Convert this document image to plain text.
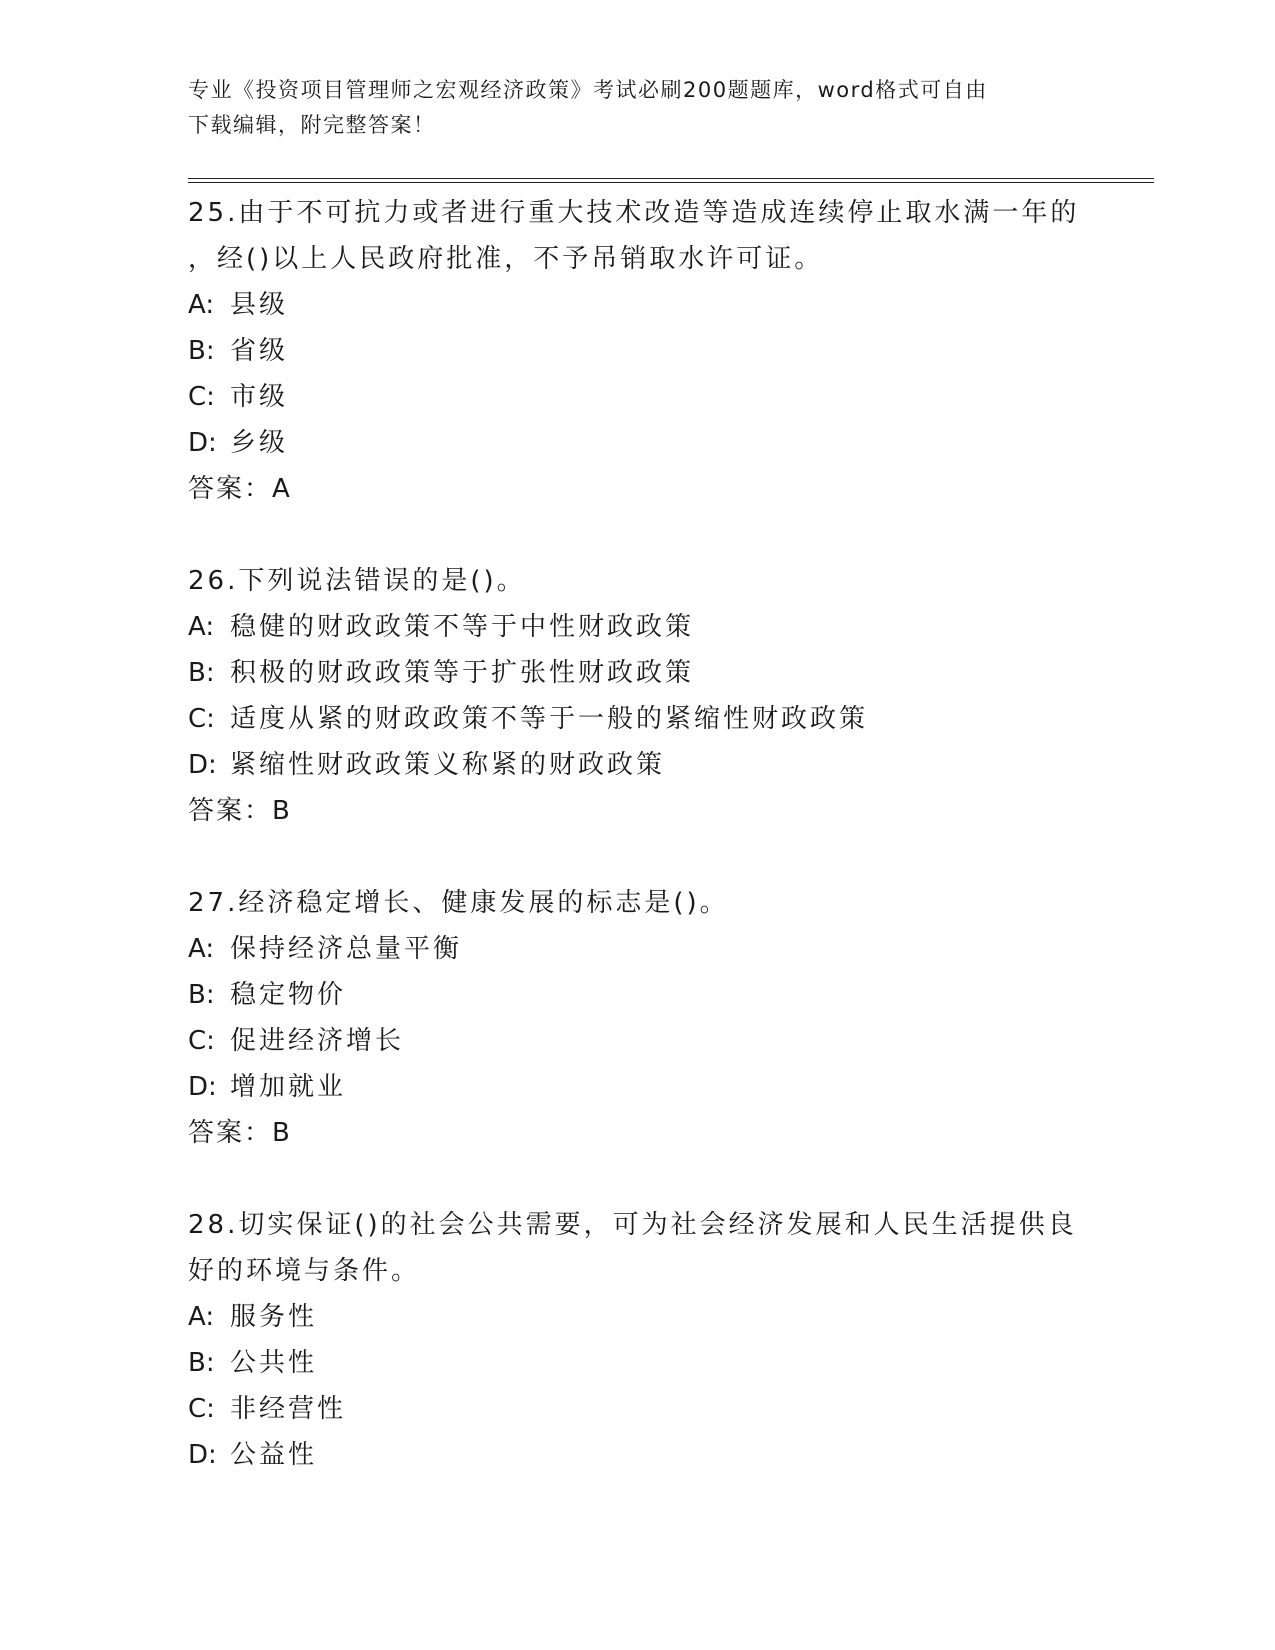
专业《投资项目管理师之宏观经济政策》考试必刷200题题库，word格式可自由
下载编辑，附完整答案！
25.由于不可抗力或者进行重大技术改造等造成连续停止取水满一年的
，经()以上人民政府批准，不予吊销取水许可证。
A: 县级
B: 省级
C: 市级
D: 乡级
答案：A
26.下列说法错误的是()。
A: 稳健的财政政策不等于中性财政政策
B: 积极的财政政策等于扩张性财政政策
C: 适度从紧的财政政策不等于一般的紧缩性财政政策
D: 紧缩性财政政策义称紧的财政政策
答案：B
27.经济稳定增长、健康发展的标志是()。
A: 保持经济总量平衡
B: 稳定物价
C: 促进经济增长
D: 增加就业
答案：B
28.切实保证()的社会公共需要，可为社会经济发展和人民生活提供良
好的环境与条件。
A: 服务性
B: 公共性
C: 非经营性
D: 公益性
